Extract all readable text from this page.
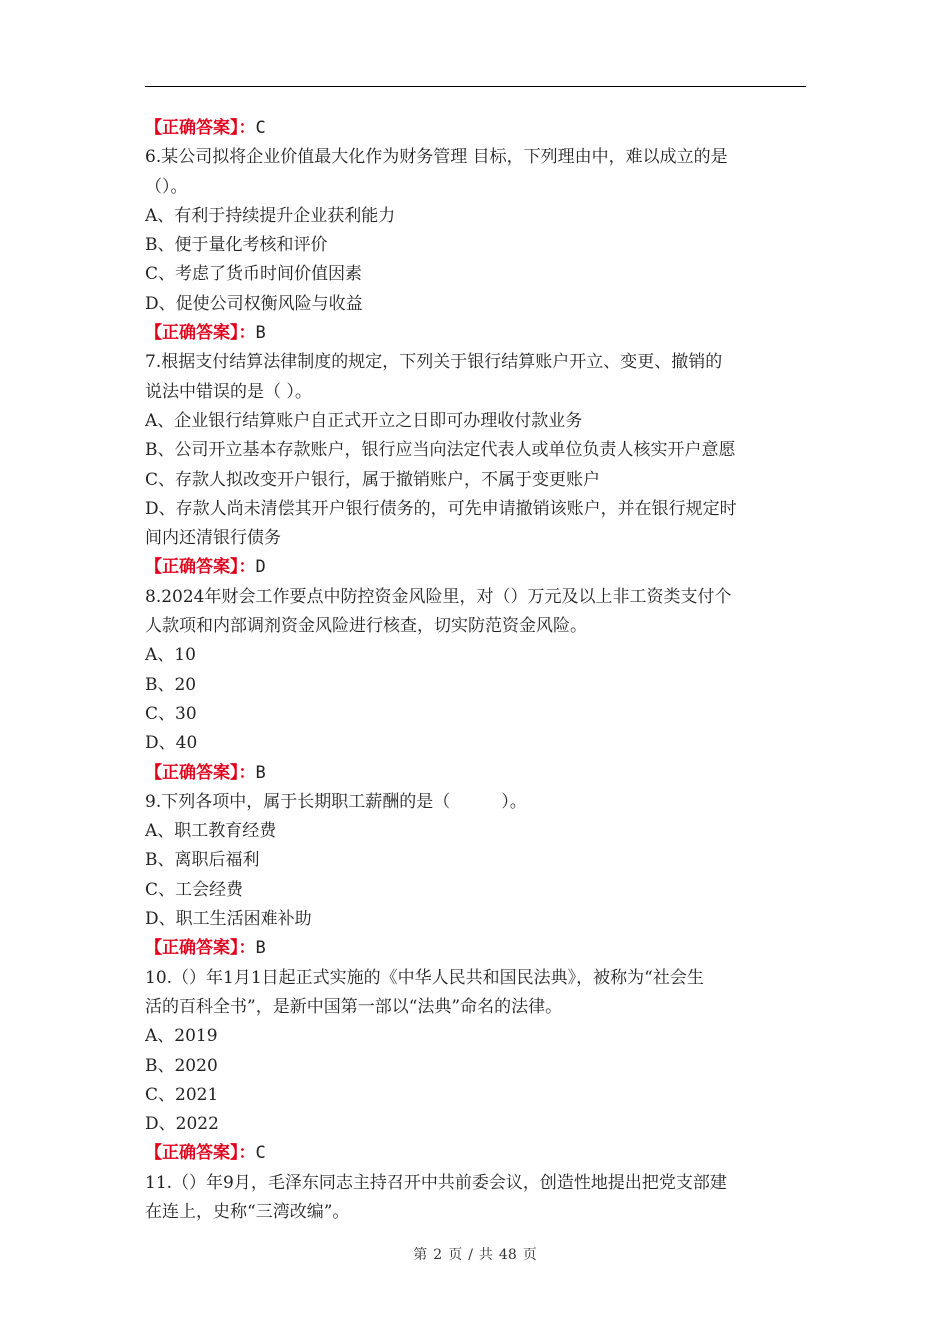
【正确答案】：C
6.某公司拟将企业价值最大化作为财务管理 目标，下列理由中，难以成立的是
（）。
A、有利于持续提升企业获利能力
B、便于量化考核和评价
C、考虑了货币时间价值因素
D、促使公司权衡风险与收益
【正确答案】：B
7.根据支付结算法律制度的规定，下列关于银行结算账户开立、变更、撤销的
说法中错误的是（ ）。
A、企业银行结算账户自正式开立之日即可办理收付款业务
B、公司开立基本存款账户，银行应当向法定代表人或单位负责人核实开户意愿
C、存款人拟改变开户银行，属于撤销账户，不属于变更账户
D、存款人尚未清偿其开户银行债务的，可先申请撤销该账户，并在银行规定时
间内还清银行债务
【正确答案】：D
8.2024年财会工作要点中防控资金风险里，对（）万元及以上非工资类支付个
人款项和内部调剂资金风险进行核查，切实防范资金风险。
A、10
B、20
C、30
D、40
【正确答案】：B
9.下列各项中，属于长期职工薪酬的是（　　　）。
A、职工教育经费
B、离职后福利
C、工会经费
D、职工生活困难补助
【正确答案】：B
10.（）年1月1日起正式实施的《中华人民共和国民法典》，被称为“社会生
活的百科全书”，是新中国第一部以“法典”命名的法律。
A、2019
B、2020
C、2021
D、2022
【正确答案】：C
11.（）年9月，毛泽东同志主持召开中共前委会议，创造性地提出把党支部建
在连上，史称“三湾改编”。
第 2 页 / 共 48 页
